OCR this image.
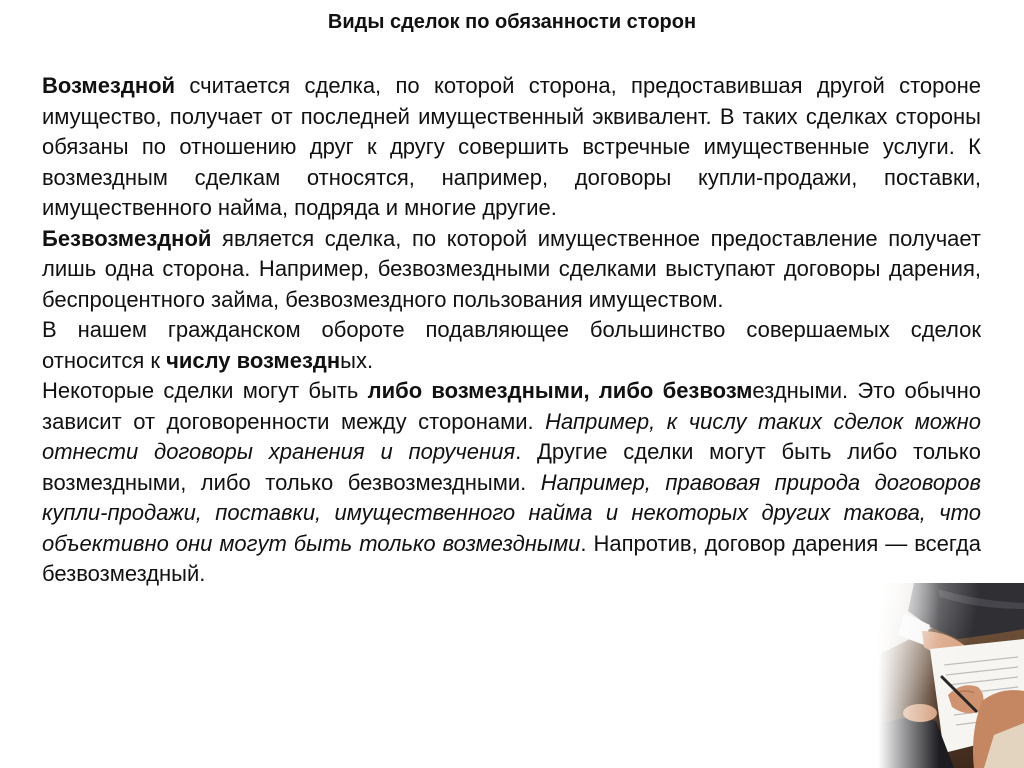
Виды сделок по обязанности сторон

Возмездной считается сделка, по которой сторона, предоставившая другой стороне имущество, получает от последней имущественный эквивалент. В таких сделках стороны обязаны по отношению друг к другу совершить встречные имущественные услуги. К возмездным сделкам относятся, например, договоры купли-продажи, поставки, имущественного найма, подряда и многие другие.

Безвозмездной является сделка, по которой имущественное предоставление получает лишь одна сторона. Например, безвозмездными сделками выступают договоры дарения, беспроцентного займа, безвозмездного пользования имуществом.

В нашем гражданском обороте подавляющее большинство совершаемых сделок относится к числу возмездных.

Некоторые сделки могут быть либо возмездными, либо безвозмездными. Это обычно зависит от договоренности между сторонами. Например, к числу таких сделок можно отнести договоры хранения и поручения. Другие сделки могут быть либо только возмездными, либо только безвозмездными. Например, правовая природа договоров купли-продажи, поставки, имущественного найма и некоторых других такова, что объективно они могут быть только возмездными. Напротив, договор дарения — всегда безвозмездный.
